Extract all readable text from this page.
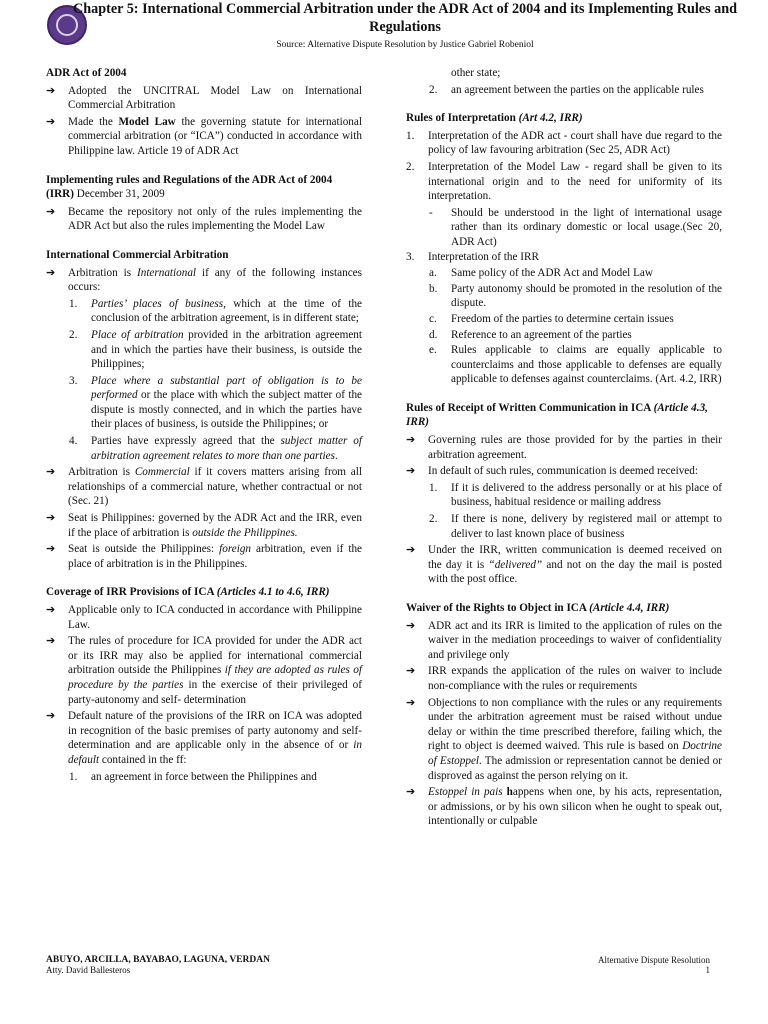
Chapter 5: International Commercial Arbitration under the ADR Act of 2004 and its Implementing Rules and Regulations
Source: Alternative Dispute Resolution by Justice Gabriel Robeniol
ADR Act of 2004
➔ Adopted the UNCITRAL Model Law on International Commercial Arbitration
➔ Made the Model Law the governing statute for international commercial arbitration (or “ICA”) conducted in accordance with Philippine law. Article 19 of ADR Act
Implementing rules and Regulations of the ADR Act of 2004 (IRR) December 31, 2009
➔ Became the repository not only of the rules implementing the ADR Act but also the rules implementing the Model Law
International Commercial Arbitration
➔ Arbitration is International if any of the following instances occurs:
1. Parties’ places of business, which at the time of the conclusion of the arbitration agreement, is in different state;
2. Place of arbitration provided in the arbitration agreement and in which the parties have their business, is outside the Philippines;
3. Place where a substantial part of obligation is to be performed or the place with which the subject matter of the dispute is mostly connected, and in which the parties have their places of business, is outside the Philippines; or
4. Parties have expressly agreed that the subject matter of arbitration agreement relates to more than one parties.
➔ Arbitration is Commercial if it covers matters arising from all relationships of a commercial nature, whether contractual or not (Sec. 21)
➔ Seat is Philippines: governed by the ADR Act and the IRR, even if the place of arbitration is outside the Philippines.
➔ Seat is outside the Philippines: foreign arbitration, even if the place of arbitration is in the Philippines.
Coverage of IRR Provisions of ICA (Articles 4.1 to 4.6, IRR)
➔ Applicable only to ICA conducted in accordance with Philippine Law.
➔ The rules of procedure for ICA provided for under the ADR act or its IRR may also be applied for international commercial arbitration outside the Philippines if they are adopted as rules of procedure by the parties in the exercise of their privileged of party-autonomy and self- determination
➔ Default nature of the provisions of the IRR on ICA was adopted in recognition of the basic premises of party autonomy and self-determination and are applicable only in the absence of or in default contained in the ff:
1. an agreement in force between the Philippines and
other state;
2. an agreement between the parties on the applicable rules
Rules of Interpretation (Art 4.2, IRR)
1. Interpretation of the ADR act - court shall have due regard to the policy of law favouring arbitration (Sec 25, ADR Act)
2. Interpretation of the Model Law - regard shall be given to its international origin and to the need for uniformity of its interpretation.
- Should be understood in the light of international usage rather than its ordinary domestic or local usage.(Sec 20, ADR Act)
3. Interpretation of the IRR
a. Same policy of the ADR Act and Model Law
b. Party autonomy should be promoted in the resolution of the dispute.
c. Freedom of the parties to determine certain issues
d. Reference to an agreement of the parties
e. Rules applicable to claims are equally applicable to counterclaims and those applicable to defenses are equally applicable to defenses against counterclaims. (Art. 4.2, IRR)
Rules of Receipt of Written Communication in ICA (Article 4.3, IRR)
➔ Governing rules are those provided for by the parties in their arbitration agreement.
➔ In default of such rules, communication is deemed received:
1. If it is delivered to the address personally or at his place of business, habitual residence or mailing address
2. If there is none, delivery by registered mail or attempt to deliver to last known place of business
➔ Under the IRR, written communication is deemed received on the day it is “delivered” and not on the day the mail is posted with the post office.
Waiver of the Rights to Object in ICA (Article 4.4, IRR)
➔ ADR act and its IRR is limited to the application of rules on the waiver in the mediation proceedings to waiver of confidentiality and privilege only
➔ IRR expands the application of the rules on waiver to include non-compliance with the rules or requirements
➔ Objections to non compliance with the rules or any requirements under the arbitration agreement must be raised without undue delay or within the time prescribed therefore, failing which, the right to object is deemed waived. This rule is based on Doctrine of Estoppel. The admission or representation cannot be denied or disproved as against the person relying on it.
➔ Estoppel in pais happens when one, by his acts, representation, or admissions, or by his own silicon when he ought to speak out, intentionally or culpable
ABUYO, ARCILLA, BAYABAO, LAGUNA, VERDAN
Atty. David Ballesteros
Alternative Dispute Resolution
1
